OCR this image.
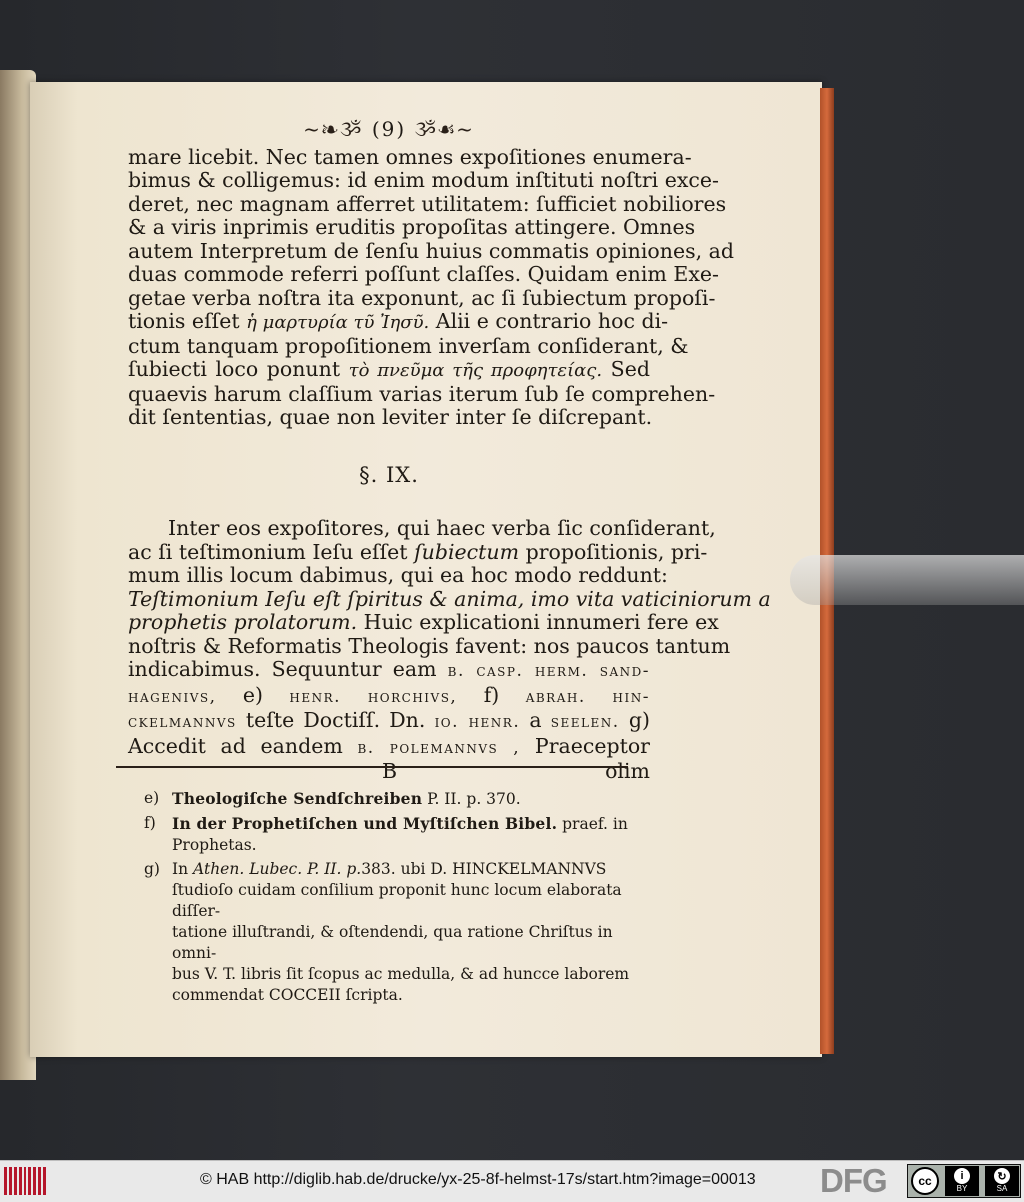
~❧ૐ (9) ૐ☙~
mare licebit. Nec tamen omnes expoſitiones enumera-
bimus & colligemus: id enim modum inſtituti noſtri exce-
deret, nec magnam afferret utilitatem: ſufficiet nobiliores
& a viris inprimis eruditis propoſitas attingere. Omnes
autem Interpretum de ſenſu huius commatis opiniones, ad
duas commode referri poſſunt claſſes. Quidam enim Exe-
getae verba noſtra ita exponunt, ac ſi ſubiectum propoſi-
tionis eſſet ἡ μαρτυρία τῦ Ἰησῦ. Alii e contrario hoc di-
ctum tanquam propoſitionem inverſam conſiderant, &
ſubiecti loco ponunt τὸ πνεῦμα τῆς προφητείας. Sed
quaevis harum claſſium varias iterum ſub ſe comprehen-
dit ſententias, quae non leviter inter ſe diſcrepant.
§. IX.
Inter eos expoſitores, qui haec verba ſic conſiderant,
ac ſi teſtimonium Ieſu eſſet ſubiectum propoſitionis, pri-
mum illis locum dabimus, qui ea hoc modo reddunt:
Teſtimonium Ieſu eſt ſpiritus & anima, imo vita vaticiniorum a
prophetis prolatorum. Huic explicationi innumeri fere ex
noſtris & Reformatis Theologis favent: nos paucos tantum
indicabimus. Sequuntur eam b. casp. herm. sand-
hagenivs, e) henr. horchivs, f) abrah. hin-
ckelmannvs teſte Doctiſſ. Dn. io. henr. a seelen. g)
Accedit ad eandem b. polemannvs , Praeceptor
B	olim
e) Theologiſche Sendſchreiben P. II. p. 370.
f) In der Prophetiſchen und Myſtiſchen Bibel. praef. in Prophetas.
g) In Athen. Lubec. P. II. p.383. ubi D. HINCKELMANNVS
ſtudioſo cuidam conſilium proponit hunc locum elaborata diſſer-
tatione illuſtrandi, & oſtendendi, qua ratione Chriſtus in omni-
bus V. T. libris ſit ſcopus ac medulla, & ad huncce laborem
commendat COCCEII ſcripta.
© HAB http://diglib.hab.de/drucke/yx-25-8f-helmst-17s/start.htm?image=00013 DFG	cc	i
BY
↻
SA
